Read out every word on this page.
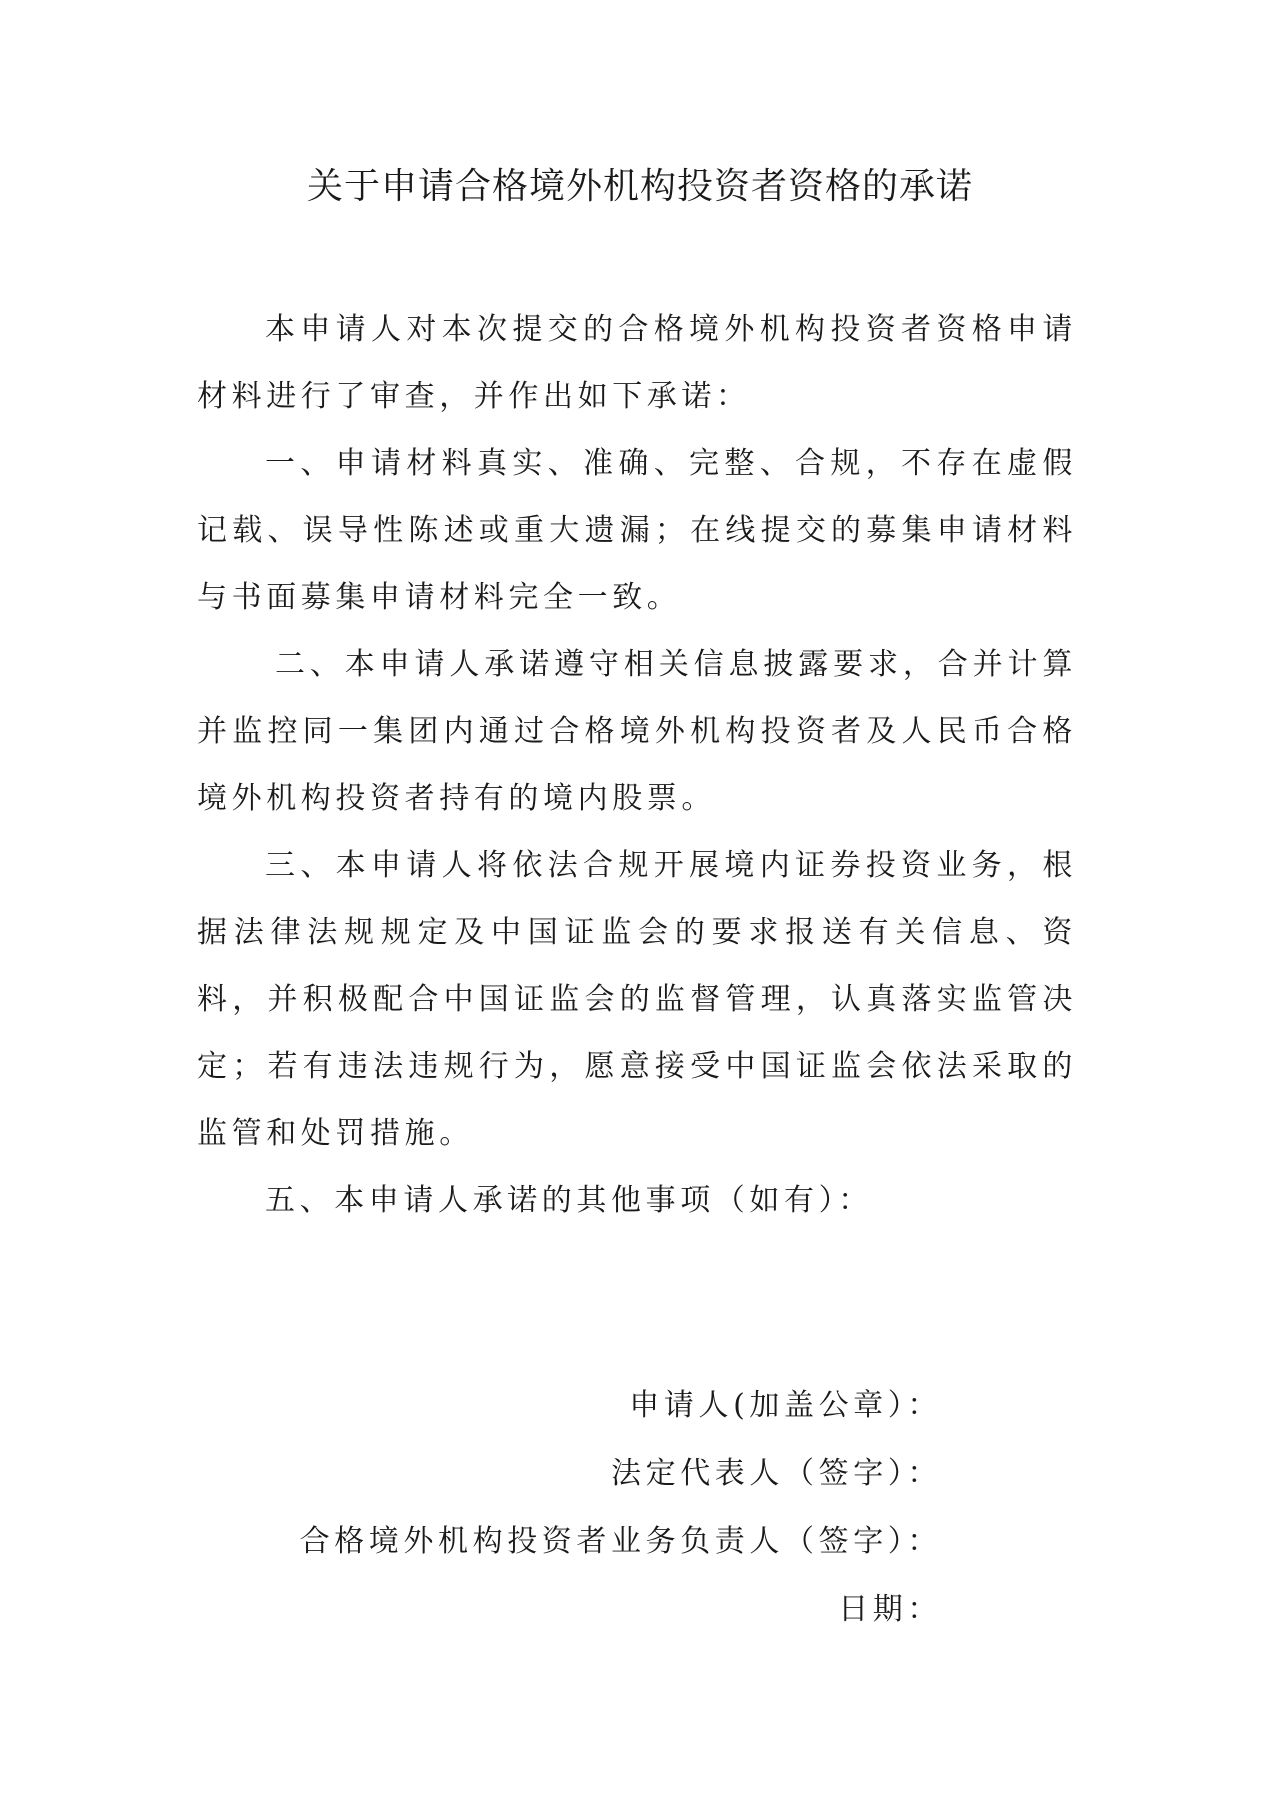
关于申请合格境外机构投资者资格的承诺

本申请人对本次提交的合格境外机构投资者资格申请材料进行了审查，并作出如下承诺：

一、申请材料真实、准确、完整、合规，不存在虚假记载、误导性陈述或重大遗漏；在线提交的募集申请材料与书面募集申请材料完全一致。

二、本申请人承诺遵守相关信息披露要求，合并计算并监控同一集团内通过合格境外机构投资者及人民币合格境外机构投资者持有的境内股票。

三、本申请人将依法合规开展境内证券投资业务，根据法律法规规定及中国证监会的要求报送有关信息、资料，并积极配合中国证监会的监督管理，认真落实监管决定；若有违法违规行为，愿意接受中国证监会依法采取的监管和处罚措施。

五、本申请人承诺的其他事项（如有）：

申请人(加盖公章）：

法定代表人（签字）：

合格境外机构投资者业务负责人（签字）：

日期：
